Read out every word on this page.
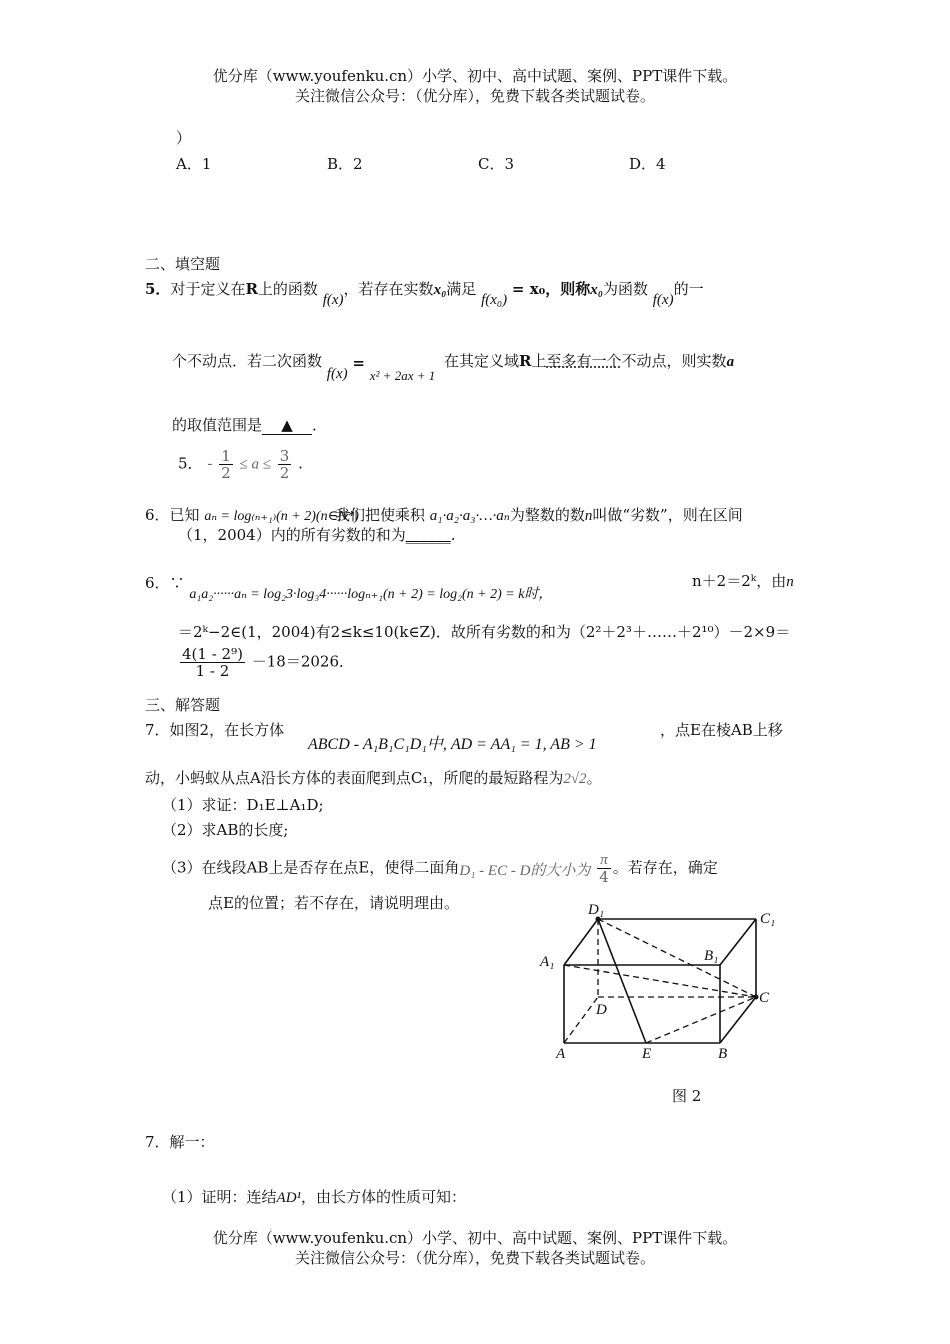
优分库（www.youfenku.cn）小学、初中、高中试题、案例、PPT课件下载。
关注微信公众号：（优分库），免费下载各类试题试卷。
）
A．1	B．2	C．3	D．4
二、填空题
5．对于定义在R上的函数 f(x)，若存在实数x₀满足 f(x₀) = x₀，则称x₀为函数 f(x)的一
个不动点．若二次函数 f(x) = x² + 2ax + 1 在其定义域R上至多有一个不动点，则实数a
的取值范围是 ▲ ．
5． - $\frac{1}{2} \le a \le \frac{3}{2}$ .
6．已知 aₙ = log₍ₙ₊₁₎(n + 2)(n∈N*)
我们把使乘积 a₁·a₂·a₃·…·aₙ为整数的数n叫做“劣数”，则在区间
（1，2004）内的所有劣数的和为______.
6．∵ a₁a₂······aₙ = log₂3·log₃4······logₙ₊₁(n + 2) = log₂(n + 2) = k时，
n＋2＝2ᵏ，由n
＝2ᵏ−2∈(1，2004)有2≤k≤10(k∈Z)．故所有劣数的和为（2²＋2³＋……＋2¹⁰）－2×9＝
$\frac{\text{4(1 - 2⁹)}}{1 - 2} -18=2026$．
三、解答题
7．如图2，在长方体
ABCD - A₁B₁C₁D₁中, AD = AA₁ = 1, AB > 1
，点E在棱AB上移
动，小蚂蚁从点A沿长方体的表面爬到点C₁，所爬的最短路程为2√2。
（1）求证：D₁E⊥A₁D;
（2）求AB的长度;
（3）在线段AB上是否存在点E，使得二面角D₁ - EC - D的大小为 $\frac{\pi}{4}$ 。若存在，确定
点E的位置；若不存在，请说明理由。	D₁
C₁
A₁	B₁
C
D
A	E	B
图 2
7．解一：
（1）证明：连结AD¹，由长方体的性质可知：
优分库（www.youfenku.cn）小学、初中、高中试题、案例、PPT课件下载。
关注微信公众号：（优分库），免费下载各类试题试卷。
